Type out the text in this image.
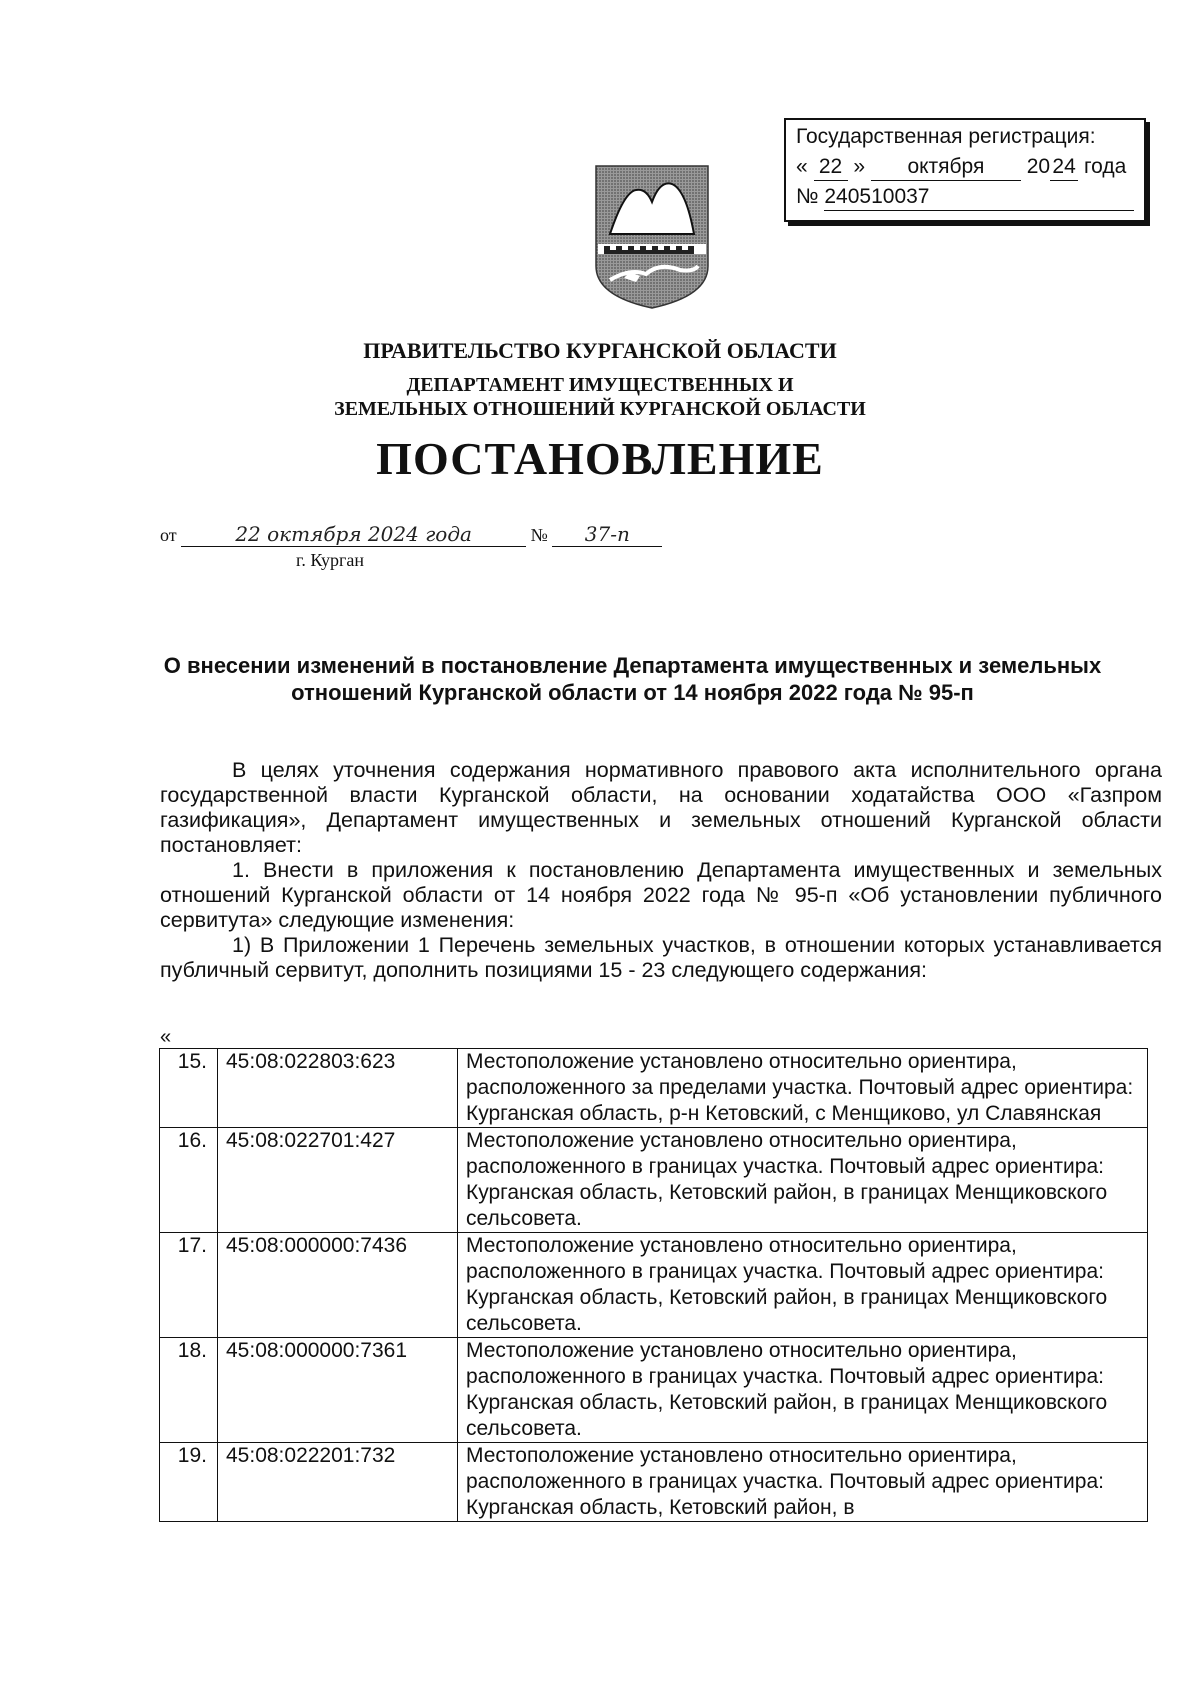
Государственная регистрация:
« 22 » октября 20 24 года
№ 240510037
ПРАВИТЕЛЬСТВО КУРГАНСКОЙ ОБЛАСТИ
ДЕПАРТАМЕНТ ИМУЩЕСТВЕННЫХ И
ЗЕМЕЛЬНЫХ ОТНОШЕНИЙ КУРГАНСКОЙ ОБЛАСТИ
ПОСТАНОВЛЕНИЕ
от	22 октября 2024 года	№ 37-п
г. Курган
О внесении изменений в постановление Департамента имущественных и земельных отношений Курганской области от 14 ноября 2022 года № 95-п

В целях уточнения содержания нормативного правового акта исполнительного органа государственной власти Курганской области, на основании ходатайства ООО «Газпром газификация», Департамент имущественных и земельных отношений Курганской области постановляет:

1. Внести в приложения к постановлению Департамента имущественных и земельных отношений Курганской области от 14 ноября 2022 года № 95-п «Об установлении публичного сервитута» следующие изменения:

1) В Приложении 1 Перечень земельных участков, в отношении которых устанавливается публичный сервитут, дополнить позициями 15 - 23 следующего содержания:

«
15.	45:08:022803:623	Местоположение установлено относительно ориентира, расположенного за пределами участка. Почтовый адрес ориентира: Курганская область, р-н Кетовский, с Менщиково, ул Славянская
16.	45:08:022701:427	Местоположение установлено относительно ориентира, расположенного в границах участка. Почтовый адрес ориентира: Курганская область, Кетовский район, в границах Менщиковского сельсовета.
17.	45:08:000000:7436	Местоположение установлено относительно ориентира, расположенного в границах участка. Почтовый адрес ориентира: Курганская область, Кетовский район, в границах Менщиковского сельсовета.
18.	45:08:000000:7361	Местоположение установлено относительно ориентира, расположенного в границах участка. Почтовый адрес ориентира: Курганская область, Кетовский район, в границах Менщиковского сельсовета.
19.	45:08:022201:732	Местоположение установлено относительно ориентира, расположенного в границах участка. Почтовый адрес ориентира: Курганская область, Кетовский район, в
